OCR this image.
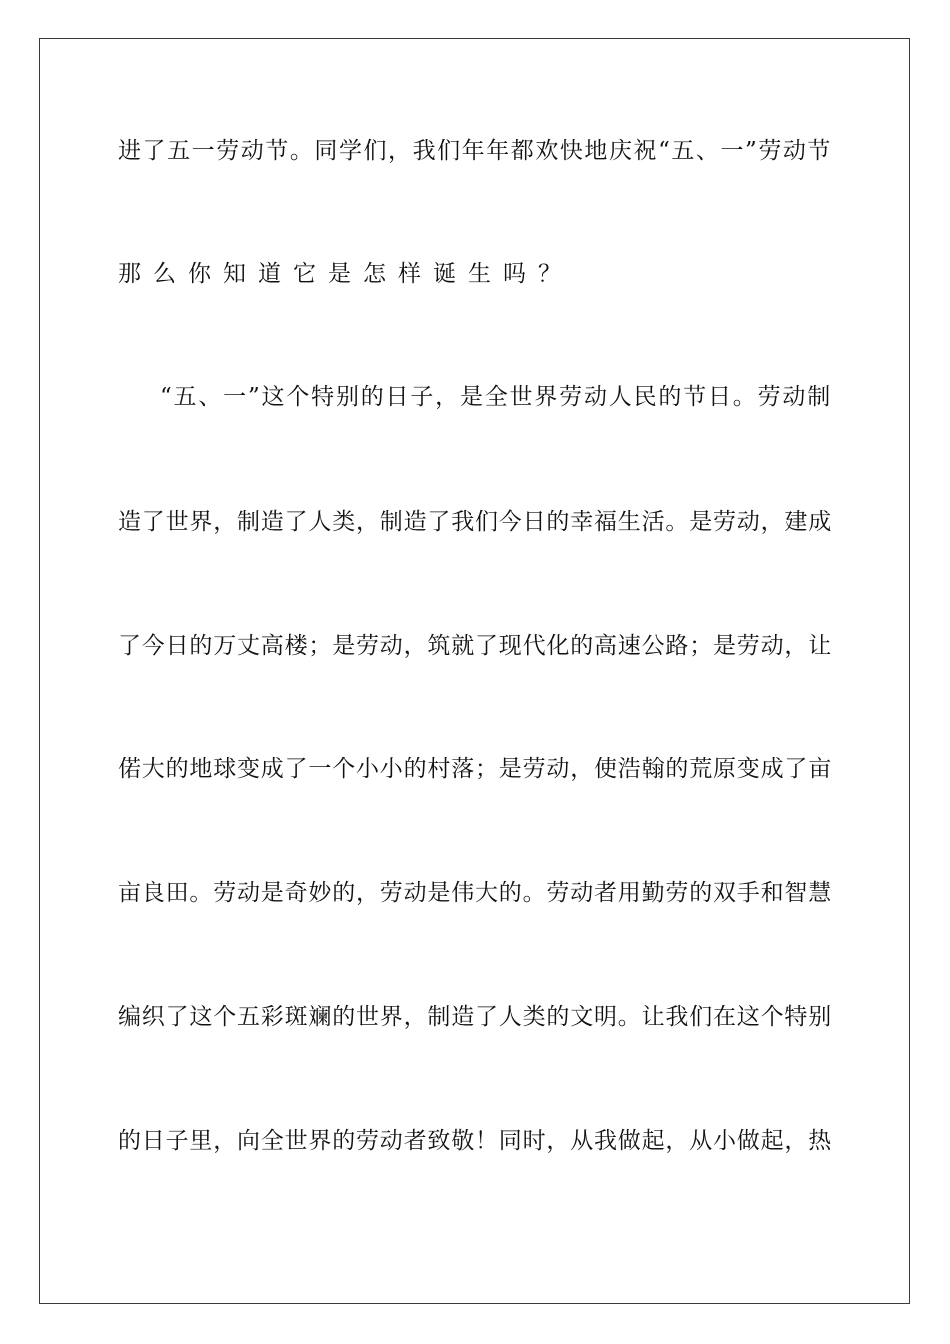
进了五一劳动节。同学们，我们年年都欢快地庆祝“五、一”劳动节
那么你知道它是怎样诞生吗？
“五、一”这个特别的日子，是全世界劳动人民的节日。劳动制
造了世界，制造了人类，制造了我们今日的幸福生活。是劳动，建成
了今日的万丈高楼；是劳动，筑就了现代化的高速公路；是劳动，让
偌大的地球变成了一个小小的村落；是劳动，使浩翰的荒原变成了亩
亩良田。劳动是奇妙的，劳动是伟大的。劳动者用勤劳的双手和智慧
编织了这个五彩斑斓的世界，制造了人类的文明。让我们在这个特别
的日子里，向全世界的劳动者致敬！同时，从我做起，从小做起，热
